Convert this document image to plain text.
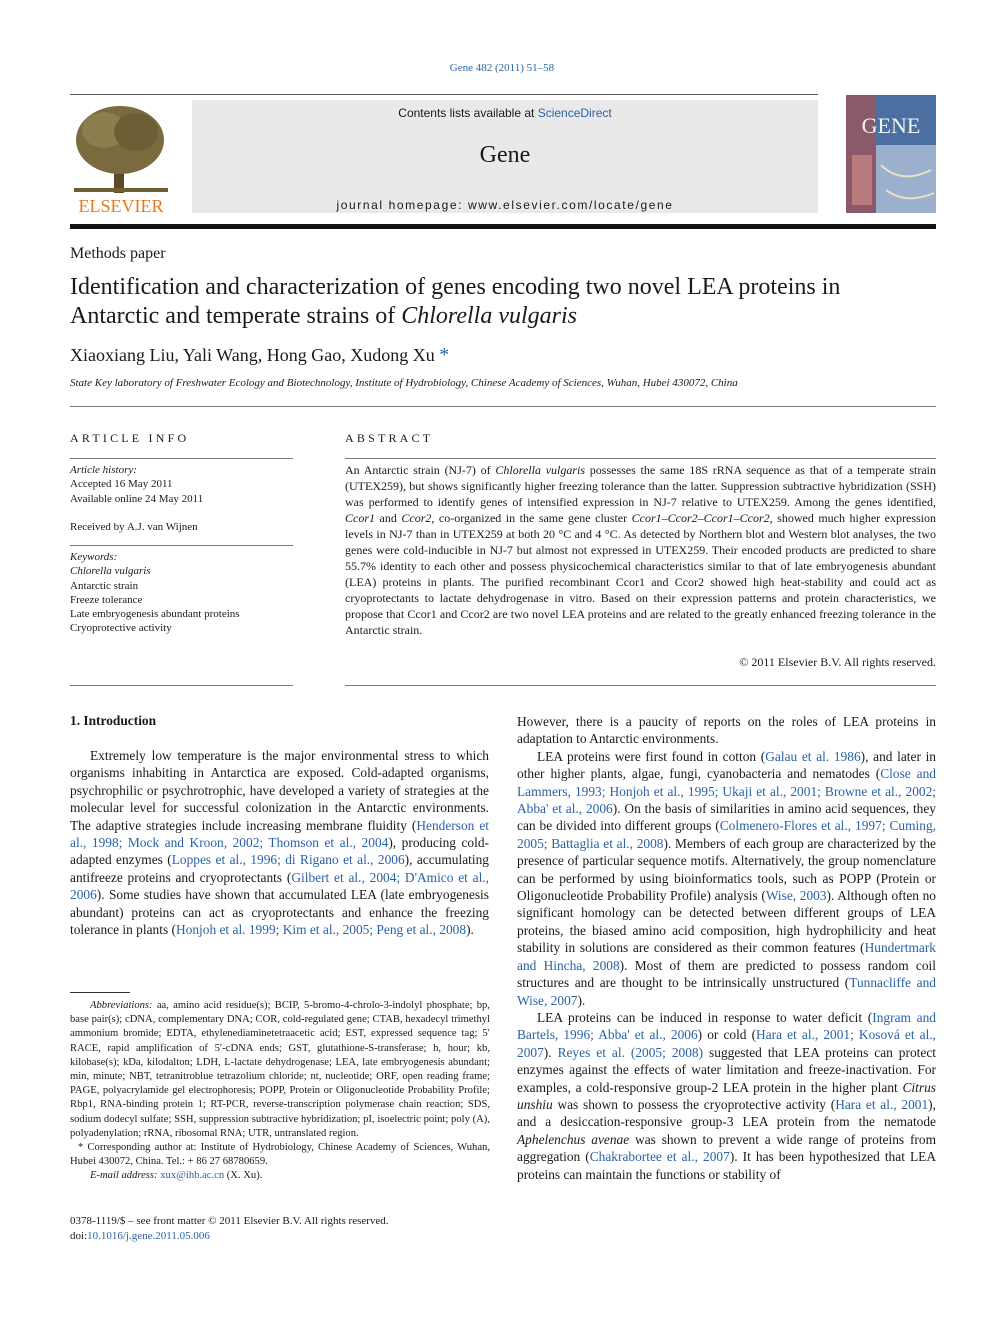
Gene 482 (2011) 51–58
ELSEVIER
Contents lists available at ScienceDirect
Gene
journal homepage: www.elsevier.com/locate/gene
GENE
Methods paper
Identification and characterization of genes encoding two novel LEA proteins in
Antarctic and temperate strains of Chlorella vulgaris
Xiaoxiang Liu, Yali Wang, Hong Gao, Xudong Xu *
State Key laboratory of Freshwater Ecology and Biotechnology, Institute of Hydrobiology, Chinese Academy of Sciences, Wuhan, Hubei 430072, China
ARTICLE INFO
Article history:
Accepted 16 May 2011
Available online 24 May 2011
Received by A.J. van Wijnen
Keywords:
Chlorella vulgaris
Antarctic strain
Freeze tolerance
Late embryogenesis abundant proteins
Cryoprotective activity
ABSTRACT
An Antarctic strain (NJ-7) of Chlorella vulgaris possesses the same 18S rRNA sequence as that of a temperate strain (UTEX259), but shows significantly higher freezing tolerance than the latter. Suppression subtractive hybridization (SSH) was performed to identify genes of intensified expression in NJ-7 relative to UTEX259. Among the genes identified, Ccor1 and Ccor2, co-organized in the same gene cluster Ccor1–Ccor2–Ccor1–Ccor2, showed much higher expression levels in NJ-7 than in UTEX259 at both 20 °C and 4 °C. As detected by Northern blot and Western blot analyses, the two genes were cold-inducible in NJ-7 but almost not expressed in UTEX259. Their encoded products are predicted to share 55.7% identity to each other and possess physicochemical characteristics similar to that of late embryogenesis abundant (LEA) proteins in plants. The purified recombinant Ccor1 and Ccor2 showed high heat-stability and could act as cryoprotectants to lactate dehydrogenase in vitro. Based on their expression patterns and protein characteristics, we propose that Ccor1 and Ccor2 are two novel LEA proteins and are related to the greatly enhanced freezing tolerance in the Antarctic strain.
© 2011 Elsevier B.V. All rights reserved.
1. Introduction

Extremely low temperature is the major environmental stress to which organisms inhabiting in Antarctica are exposed. Cold-adapted organisms, psychrophilic or psychrotrophic, have developed a variety of strategies at the molecular level for successful colonization in the Antarctic environments. The adaptive strategies include increasing membrane fluidity (Henderson et al., 1998; Mock and Kroon, 2002; Thomson et al., 2004), producing cold-adapted enzymes (Loppes et al., 1996; di Rigano et al., 2006), accumulating antifreeze proteins and cryoprotectants (Gilbert et al., 2004; D'Amico et al., 2006). Some studies have shown that accumulated LEA (late embryogenesis abundant) proteins can act as cryoprotectants and enhance the freezing tolerance in plants (Honjoh et al. 1999; Kim et al., 2005; Peng et al., 2008).

Abbreviations: aa, amino acid residue(s); BCIP, 5-bromo-4-chrolo-3-indolyl phosphate; bp, base pair(s); cDNA, complementary DNA; COR, cold-regulated gene; CTAB, hexadecyl trimethyl ammonium bromide; EDTA, ethylenediaminetetraacetic acid; EST, expressed sequence tag; 5′ RACE, rapid amplification of 5′-cDNA ends; GST, glutathione-S-transferase; h, hour; kb, kilobase(s); kDa, kilodalton; LDH, L-lactate dehydrogenase; LEA, late embryogenesis abundant; min, minute; NBT, tetranitroblue tetrazolium chloride; nt, nucleotide; ORF, open reading frame; PAGE, polyacrylamide gel electrophoresis; POPP, Protein or Oligonucleotide Probability Profile; Rbp1, RNA-binding protein 1; RT-PCR, reverse-transcription polymerase chain reaction; SDS, sodium dodecyl sulfate; SSH, suppression subtractive hybridization; pI, isoelectric point; poly (A), polyadenylation; rRNA, ribosomal RNA; UTR, untranslated region.

* Corresponding author at: Institute of Hydrobiology, Chinese Academy of Sciences, Wuhan, Hubei 430072, China. Tel.: + 86 27 68780659.

E-mail address: xux@ihb.ac.cn (X. Xu).

0378-1119/$ – see front matter © 2011 Elsevier B.V. All rights reserved.
doi:10.1016/j.gene.2011.05.006

However, there is a paucity of reports on the roles of LEA proteins in adaptation to Antarctic environments.

LEA proteins were first found in cotton (Galau et al. 1986), and later in other higher plants, algae, fungi, cyanobacteria and nematodes (Close and Lammers, 1993; Honjoh et al., 1995; Ukaji et al., 2001; Browne et al., 2002; Abba' et al., 2006). On the basis of similarities in amino acid sequences, they can be divided into different groups (Colmenero-Flores et al., 1997; Cuming, 2005; Battaglia et al., 2008). Members of each group are characterized by the presence of particular sequence motifs. Alternatively, the group nomenclature can be performed by using bioinformatics tools, such as POPP (Protein or Oligonucleotide Probability Profile) analysis (Wise, 2003). Although often no significant homology can be detected between different groups of LEA proteins, the biased amino acid composition, high hydrophilicity and heat stability in solutions are considered as their common features (Hundertmark and Hincha, 2008). Most of them are predicted to possess random coil structures and are thought to be intrinsically unstructured (Tunnacliffe and Wise, 2007).

LEA proteins can be induced in response to water deficit (Ingram and Bartels, 1996; Abba' et al., 2006) or cold (Hara et al., 2001; Kosová et al., 2007). Reyes et al. (2005; 2008) suggested that LEA proteins can protect enzymes against the effects of water limitation and freeze-inactivation. For examples, a cold-responsive group-2 LEA protein in the higher plant Citrus unshiu was shown to possess the cryoprotective activity (Hara et al., 2001), and a desiccation-responsive group-3 LEA protein from the nematode Aphelenchus avenae was shown to prevent a wide range of proteins from aggregation (Chakrabortee et al., 2007). It has been hypothesized that LEA proteins can maintain the functions or stability of
